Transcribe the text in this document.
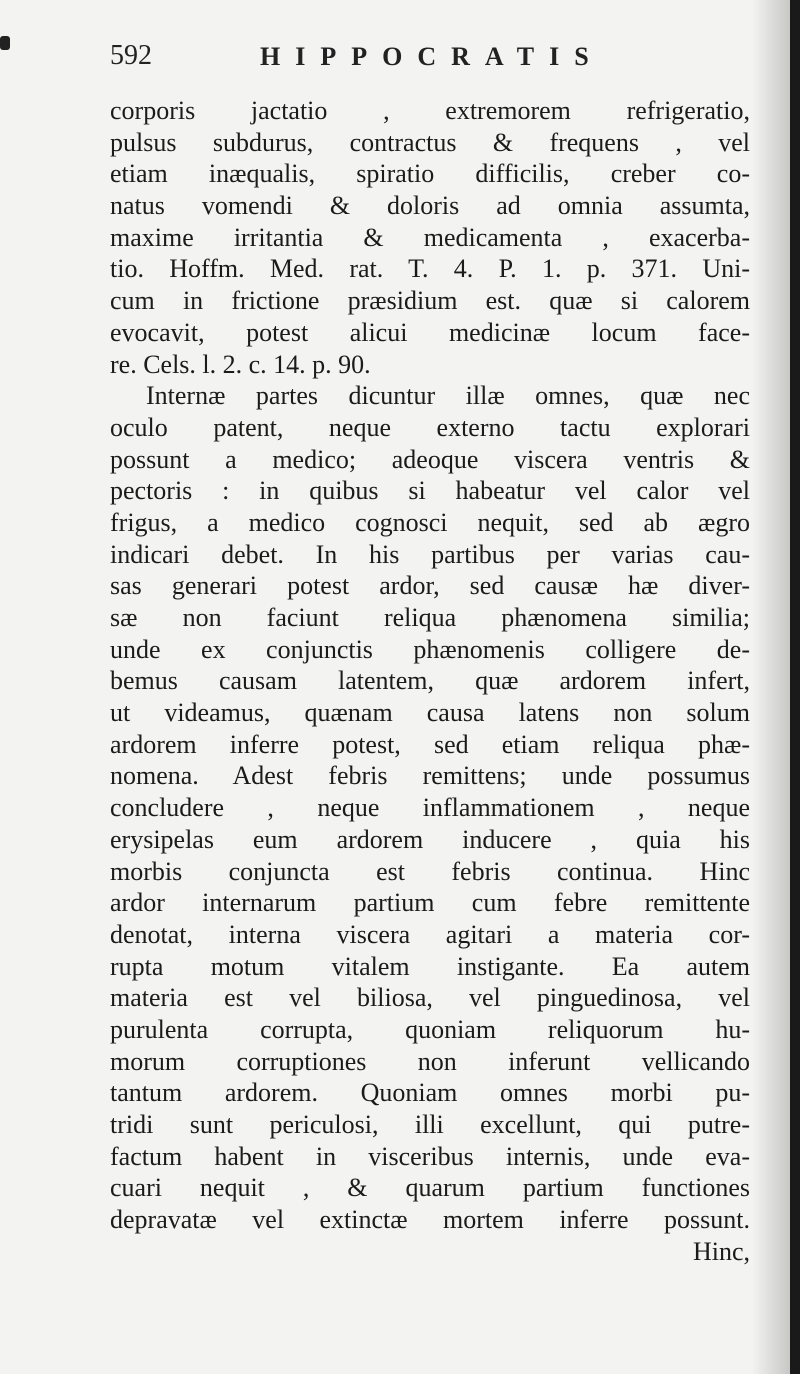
592	HIPPOCRATIS
corporis jactatio , extremorem refrigeratio,
pulsus subdurus, contractus & frequens , vel
etiam inæqualis, spiratio difficilis, creber co-
natus vomendi & doloris ad omnia assumta,
maxime irritantia & medicamenta , exacerba-
tio. Hoffm. Med. rat. T. 4. P. 1. p. 371. Uni-
cum in frictione præsidium est. quæ si calorem
evocavit, potest alicui medicinæ locum face-
re. Cels. l. 2. c. 14. p. 90.
Internæ partes dicuntur illæ omnes, quæ nec
oculo patent, neque externo tactu explorari
possunt a medico; adeoque viscera ventris &
pectoris : in quibus si habeatur vel calor vel
frigus, a medico cognosci nequit, sed ab ægro
indicari debet. In his partibus per varias cau-
sas generari potest ardor, sed causæ hæ diver-
sæ non faciunt reliqua phænomena similia;
unde ex conjunctis phænomenis colligere de-
bemus causam latentem, quæ ardorem infert,
ut videamus, quænam causa latens non solum
ardorem inferre potest, sed etiam reliqua phæ-
nomena. Adest febris remittens; unde possumus
concludere , neque inflammationem , neque
erysipelas eum ardorem inducere , quia his
morbis conjuncta est febris continua. Hinc
ardor internarum partium cum febre remittente
denotat, interna viscera agitari a materia cor-
rupta motum vitalem instigante. Ea autem
materia est vel biliosa, vel pinguedinosa, vel
purulenta corrupta, quoniam reliquorum hu-
morum corruptiones non inferunt vellicando
tantum ardorem. Quoniam omnes morbi pu-
tridi sunt periculosi, illi excellunt, qui putre-
factum habent in visceribus internis, unde eva-
cuari nequit , & quarum partium functiones
depravatæ vel extinctæ mortem inferre possunt.
Hinc,
